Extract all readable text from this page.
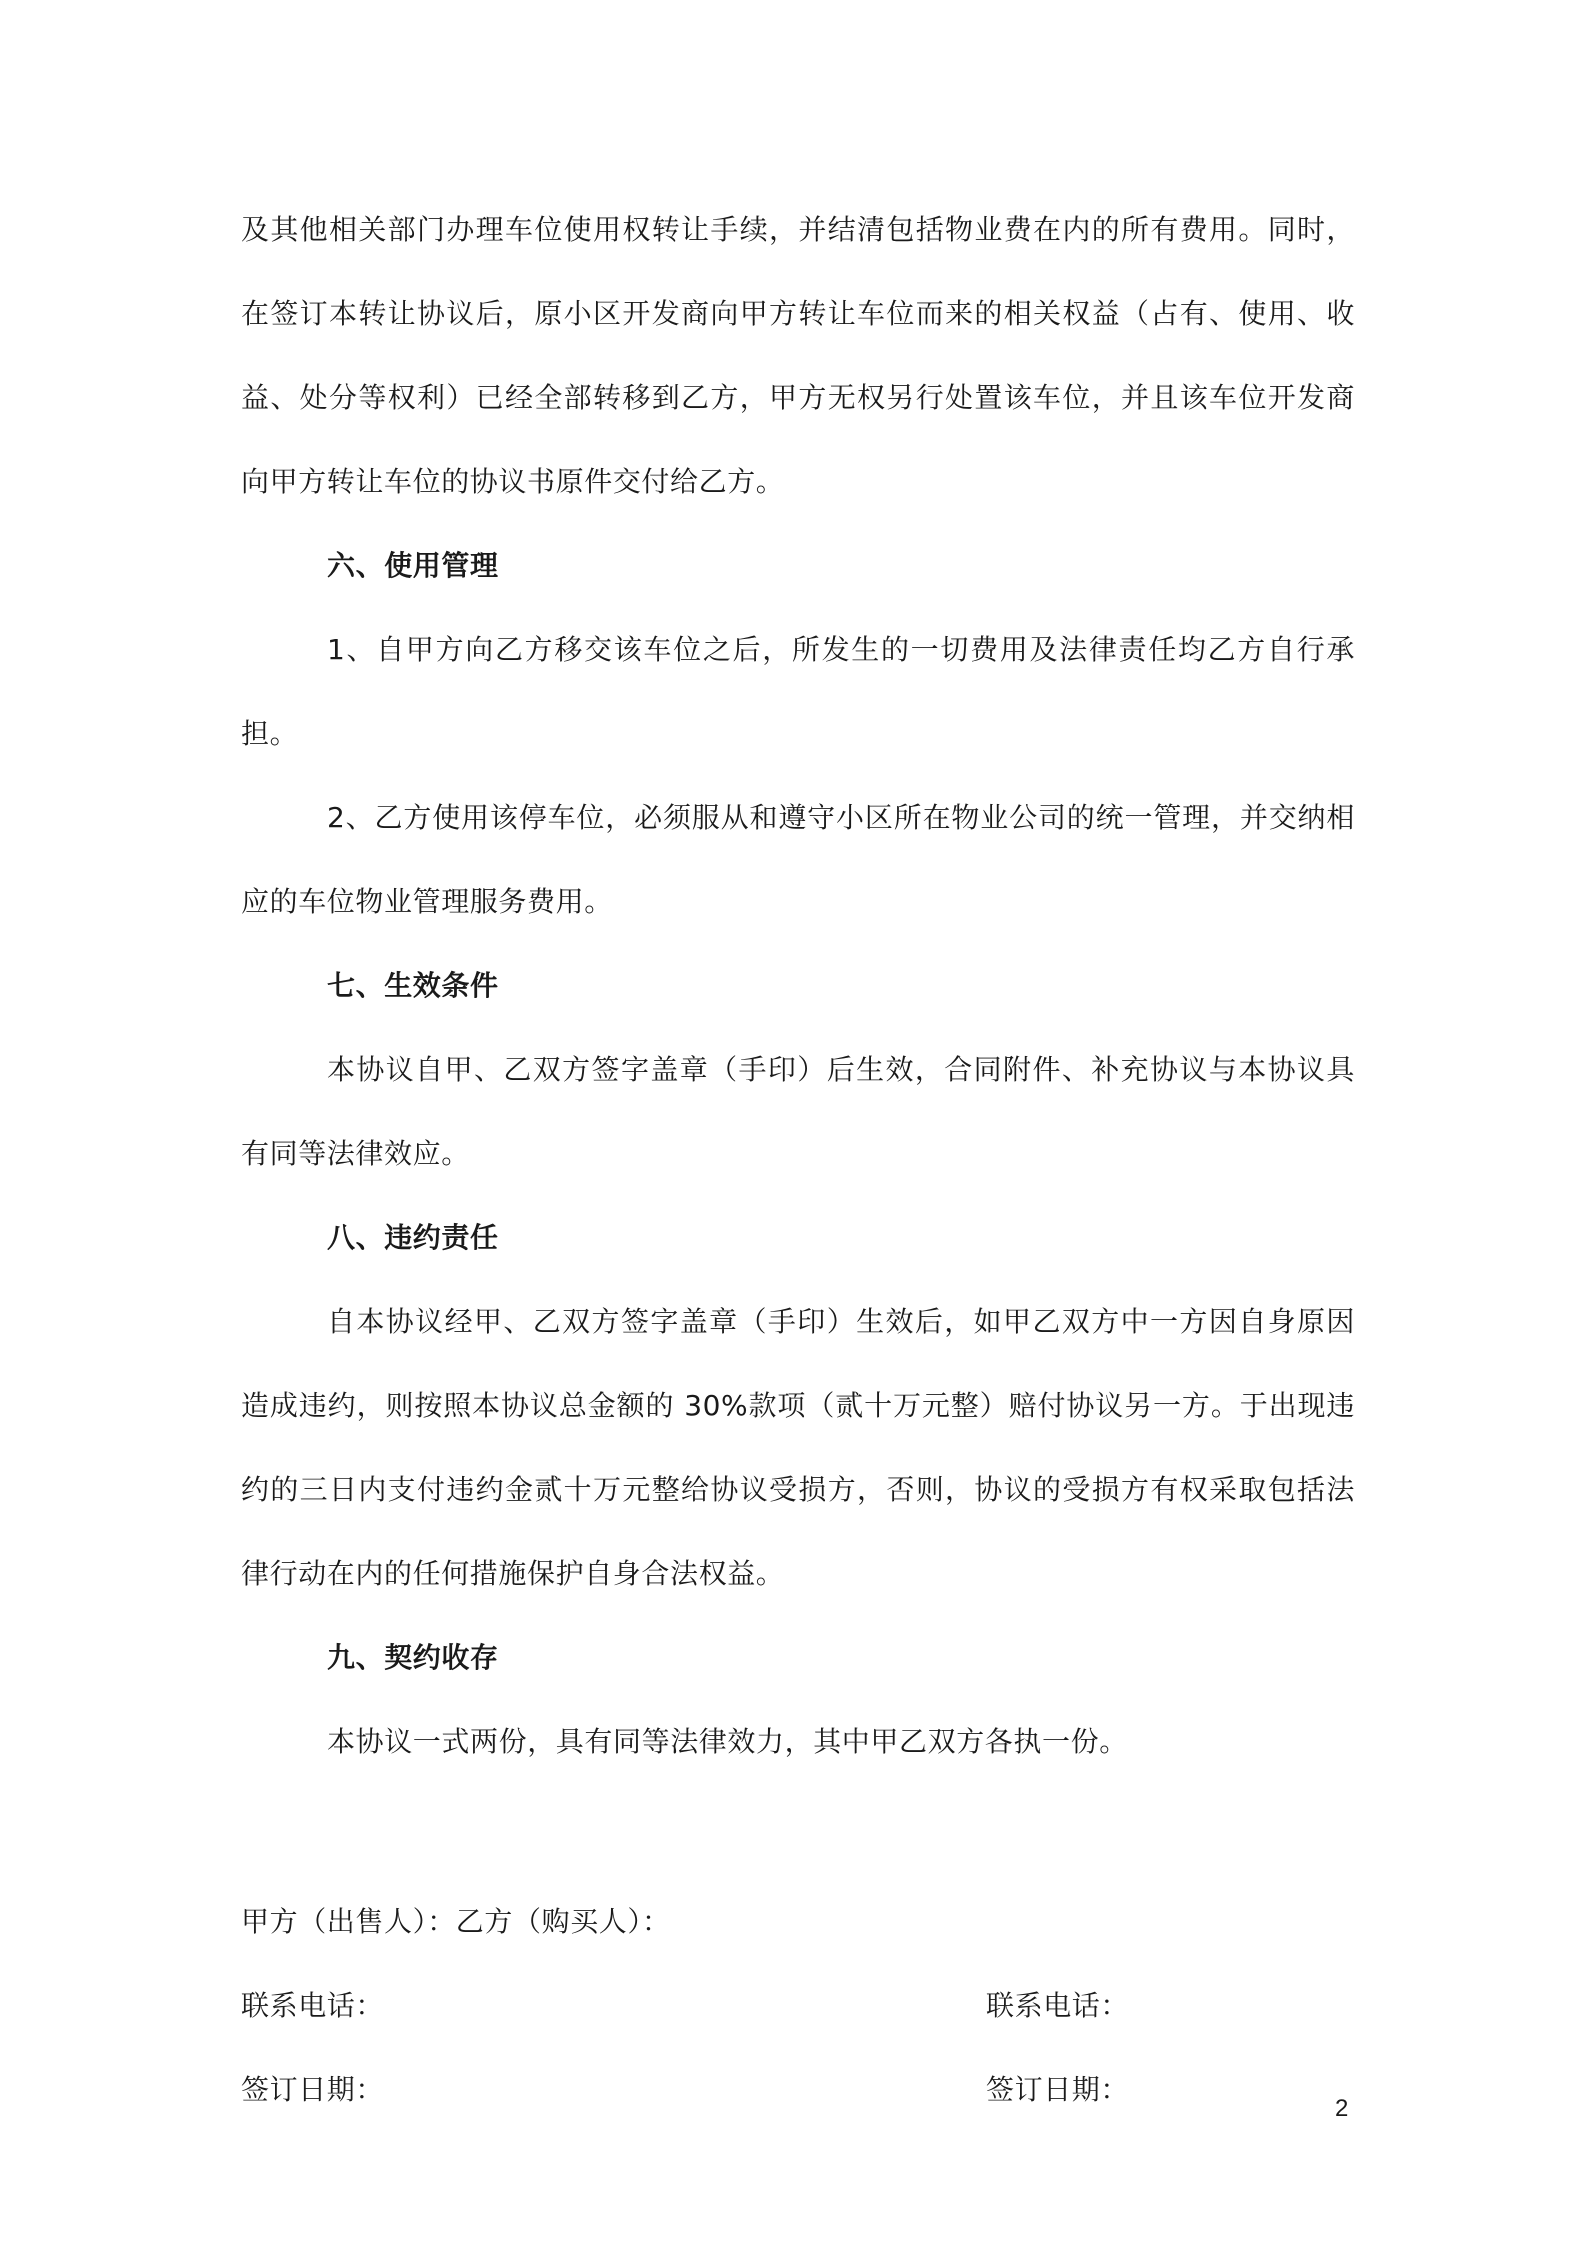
及其他相关部门办理车位使用权转让手续，并结清包括物业费在内的所有费用。同时，在签订本转让协议后，原小区开发商向甲方转让车位而来的相关权益（占有、使用、收益、处分等权利）已经全部转移到乙方，甲方无权另行处置该车位，并且该车位开发商向甲方转让车位的协议书原件交付给乙方。

六、使用管理

1、自甲方向乙方移交该车位之后，所发生的一切费用及法律责任均乙方自行承担。

2、乙方使用该停车位，必须服从和遵守小区所在物业公司的统一管理，并交纳相应的车位物业管理服务费用。

七、生效条件

本协议自甲、乙双方签字盖章（手印）后生效，合同附件、补充协议与本协议具有同等法律效应。

八、违约责任

自本协议经甲、乙双方签字盖章（手印）生效后，如甲乙双方中一方因自身原因造成违约，则按照本协议总金额的 30%款项（贰十万元整）赔付协议另一方。于出现违约的三日内支付违约金贰十万元整给协议受损方，否则，协议的受损方有权采取包括法律行动在内的任何措施保护自身合法权益。

九、契约收存

本协议一式两份，具有同等法律效力，其中甲乙双方各执一份。

甲方（出售人）：乙方（购买人）：
联系电话：	联系电话：
签订日期：	签订日期：
2
